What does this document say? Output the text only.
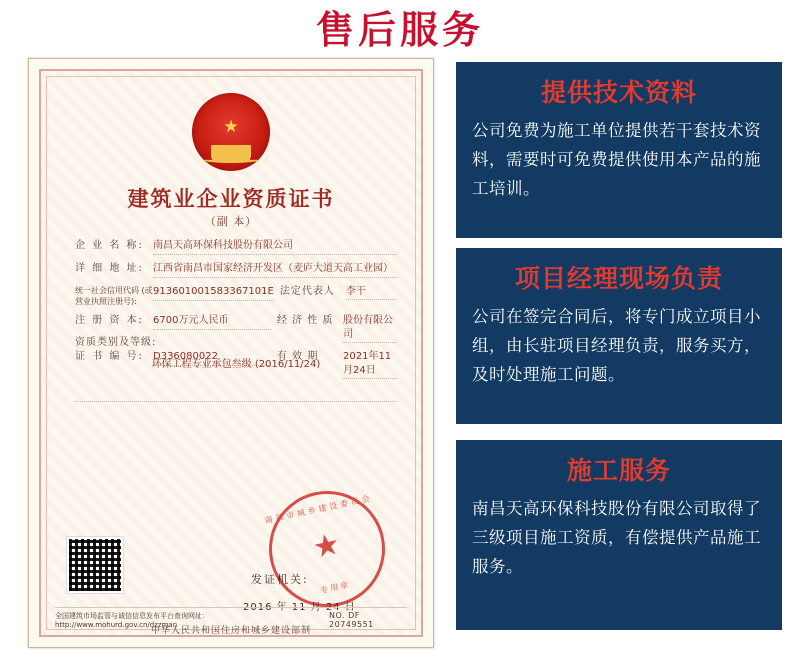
售后服务
★
建筑业企业资质证书
（副 本）
企 业 名 称: 南昌天高环保科技股份有限公司
详 细 地 址: 江西省南昌市国家经济开发区（麦庐大道天高工业园）
统一社会信用代码 (或营业执照注册号):
913601001583367101E 法定代表人	李干
注 册 资 本: 6700万元人民币	经 济 性 质 股份有限公司
证 书 编 号: D336080022	有 效 期	2021年11月24日
资质类别及等级:
环保工程专业承包叁级 (2016/11/24)
南昌市城乡建设委员会
★
专用章
发证机关:
2016 年 11 月 24 日
中华人民共和国住房和城乡建设部制
全国建筑市场监管与诚信信息发布平台查询网址：http://www.mohurd.gov.cn/dzzman
NO. DF 20749551
提供技术资料
公司免费为施工单位提供若干套技术资料，需要时可免费提供使用本产品的施工培训。
项目经理现场负责
公司在签完合同后，将专门成立项目小组，由长驻项目经理负责，服务买方，及时处理施工问题。
施工服务
南昌天高环保科技股份有限公司取得了三级项目施工资质，有偿提供产品施工服务。
